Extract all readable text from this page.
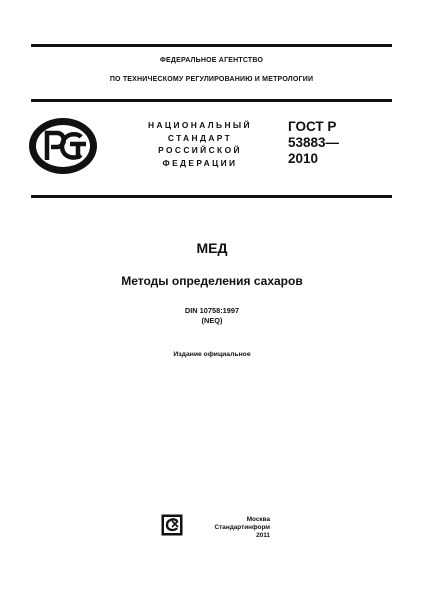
ФЕДЕРАЛЬНОЕ АГЕНТСТВО
ПО ТЕХНИЧЕСКОМУ РЕГУЛИРОВАНИЮ И МЕТРОЛОГИИ
НАЦИОНАЛЬНЫЙ
СТАНДАРТ
РОССИЙСКОЙ
ФЕДЕРАЦИИ
ГОСТ Р
53883—
2010
МЕД
Методы определения сахаров
DIN 10758:1997
(NEQ)
Издание официальное
Москва
Стандартинформ
2011
